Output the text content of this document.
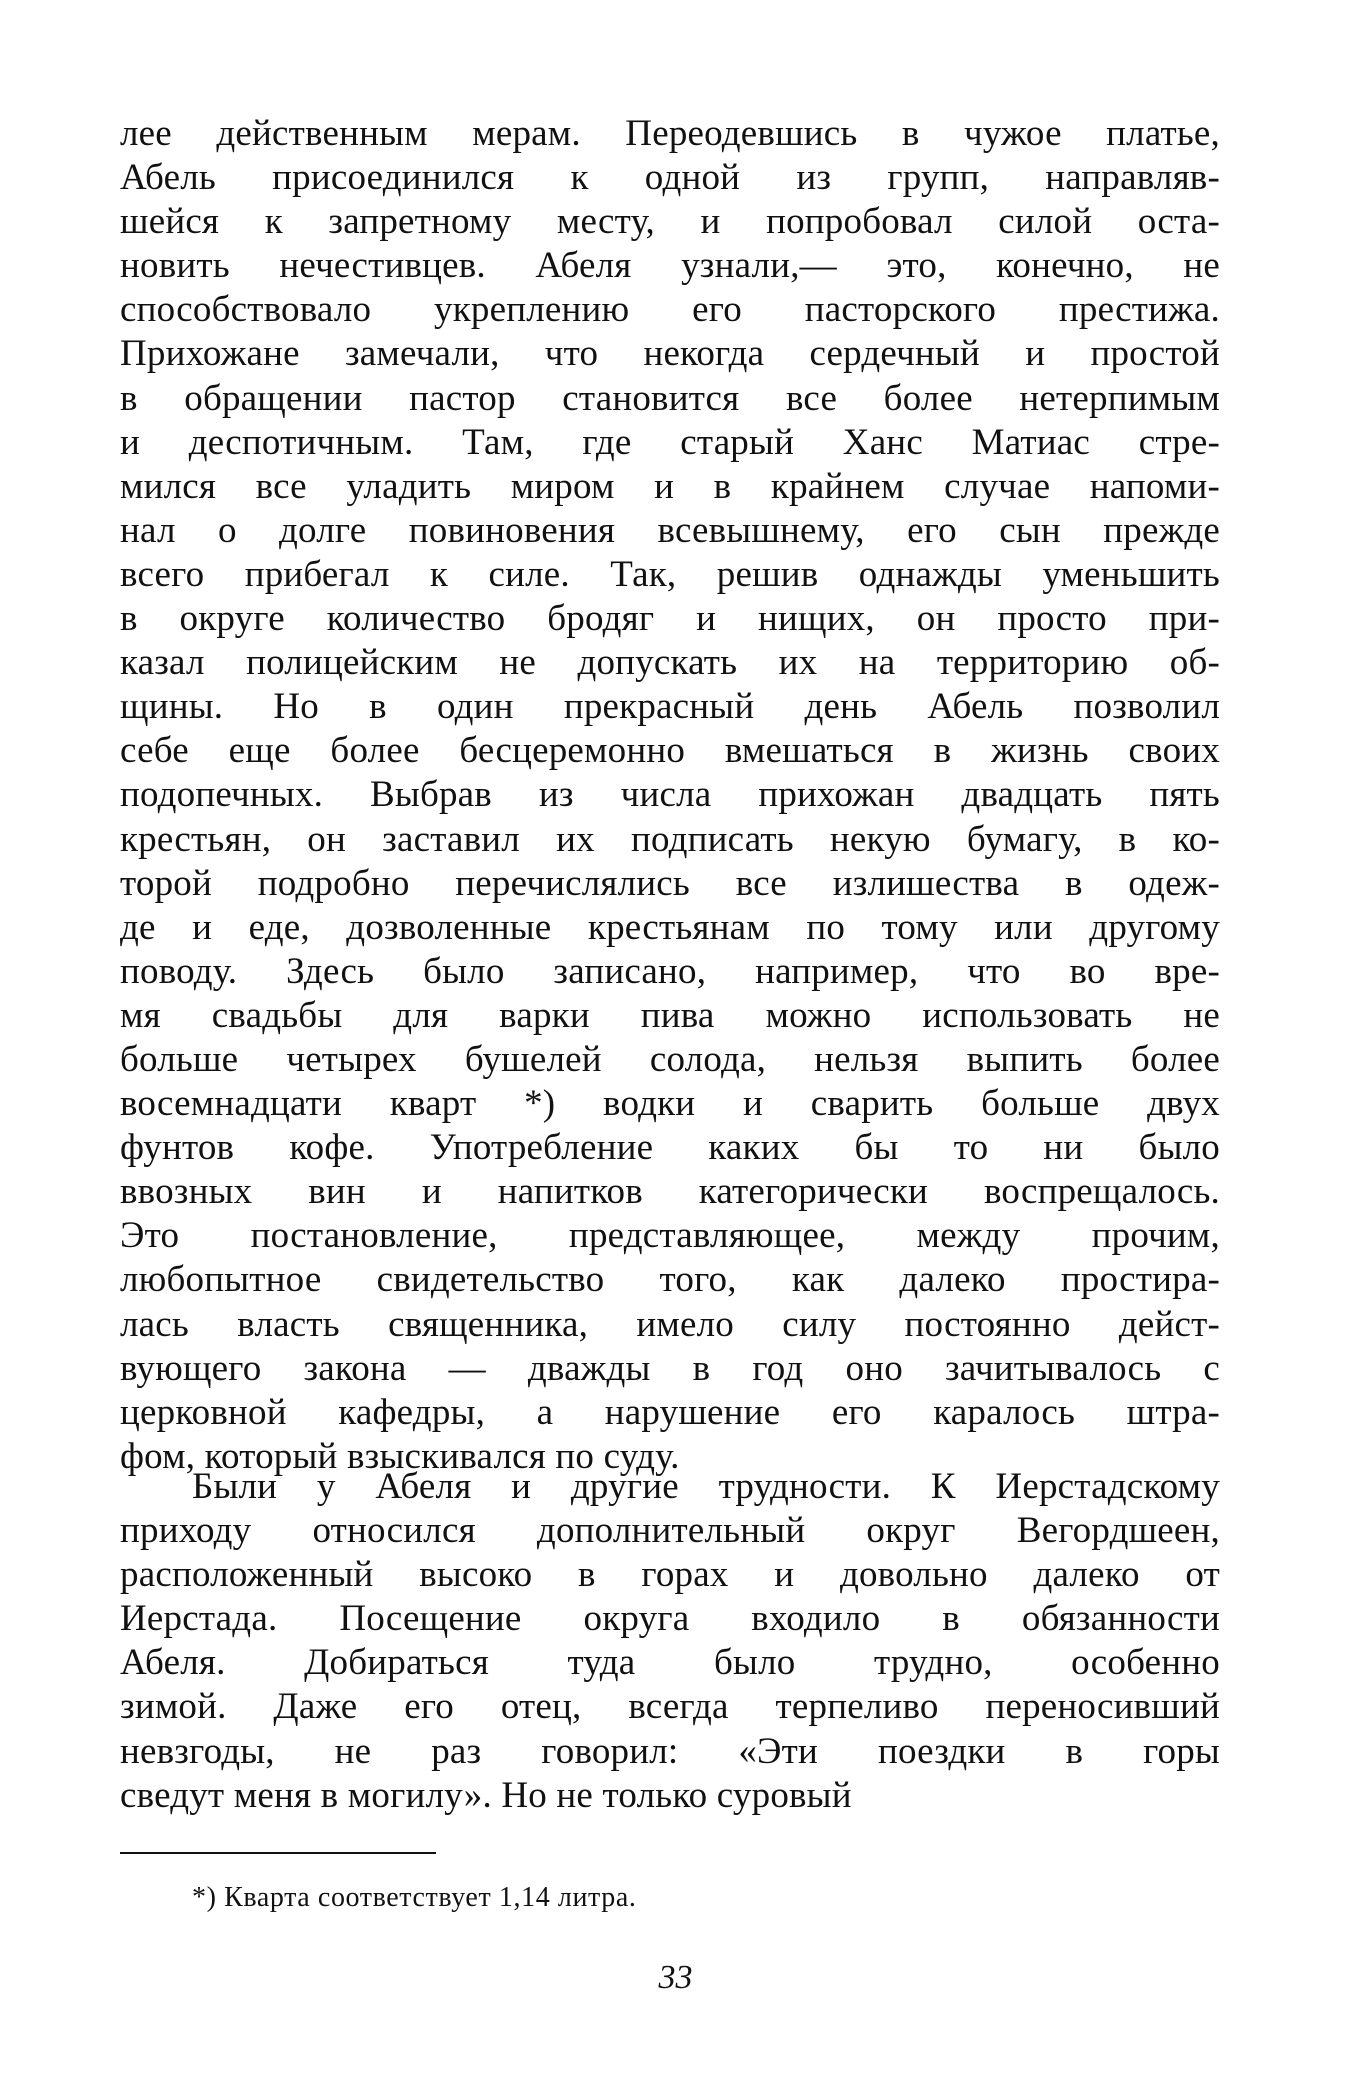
лее действенным мерам. Переодевшись в чужое платье,
Абель присоединился к одной из групп, направляв-
шейся к запретному месту, и попробовал силой оста-
новить нечестивцев. Абеля узнали,— это, конечно, не
способствовало укреплению его пасторского престижа.
Прихожане замечали, что некогда сердечный и простой
в обращении пастор становится все более нетерпимым
и деспотичным. Там, где старый Ханс Матиас стре-
мился все уладить миром и в крайнем случае напоми-
нал о долге повиновения всевышнему, его сын прежде
всего прибегал к силе. Так, решив однажды уменьшить
в округе количество бродяг и нищих, он просто при-
казал полицейским не допускать их на территорию об-
щины. Но в один прекрасный день Абель позволил
себе еще более бесцеремонно вмешаться в жизнь своих
подопечных. Выбрав из числа прихожан двадцать пять
крестьян, он заставил их подписать некую бумагу, в ко-
торой подробно перечислялись все излишества в одеж-
де и еде, дозволенные крестьянам по тому или другому
поводу. Здесь было записано, например, что во вре-
мя свадьбы для варки пива можно использовать не
больше четырех бушелей солода, нельзя выпить более
восемнадцати кварт *) водки и сварить больше двух
фунтов кофе. Употребление каких бы то ни было
ввозных вин и напитков категорически воспрещалось.
Это постановление, представляющее, между прочим,
любопытное свидетельство того, как далеко простира-
лась власть священника, имело силу постоянно дейст-
вующего закона — дважды в год оно зачитывалось с
церковной кафедры, а нарушение его каралось штра-
фом, который взыскивался по суду.
Были у Абеля и другие трудности. К Иерстадскому
приходу относился дополнительный округ Вегордшеен,
расположенный высоко в горах и довольно далеко от
Иерстада. Посещение округа входило в обязанности
Абеля. Добираться туда было трудно, особенно
зимой. Даже его отец, всегда терпеливо переносивший
невзгоды, не раз говорил: «Эти поездки в горы
сведут меня в могилу». Но не только суровый
*) Кварта соответствует 1,14 литра.
33
